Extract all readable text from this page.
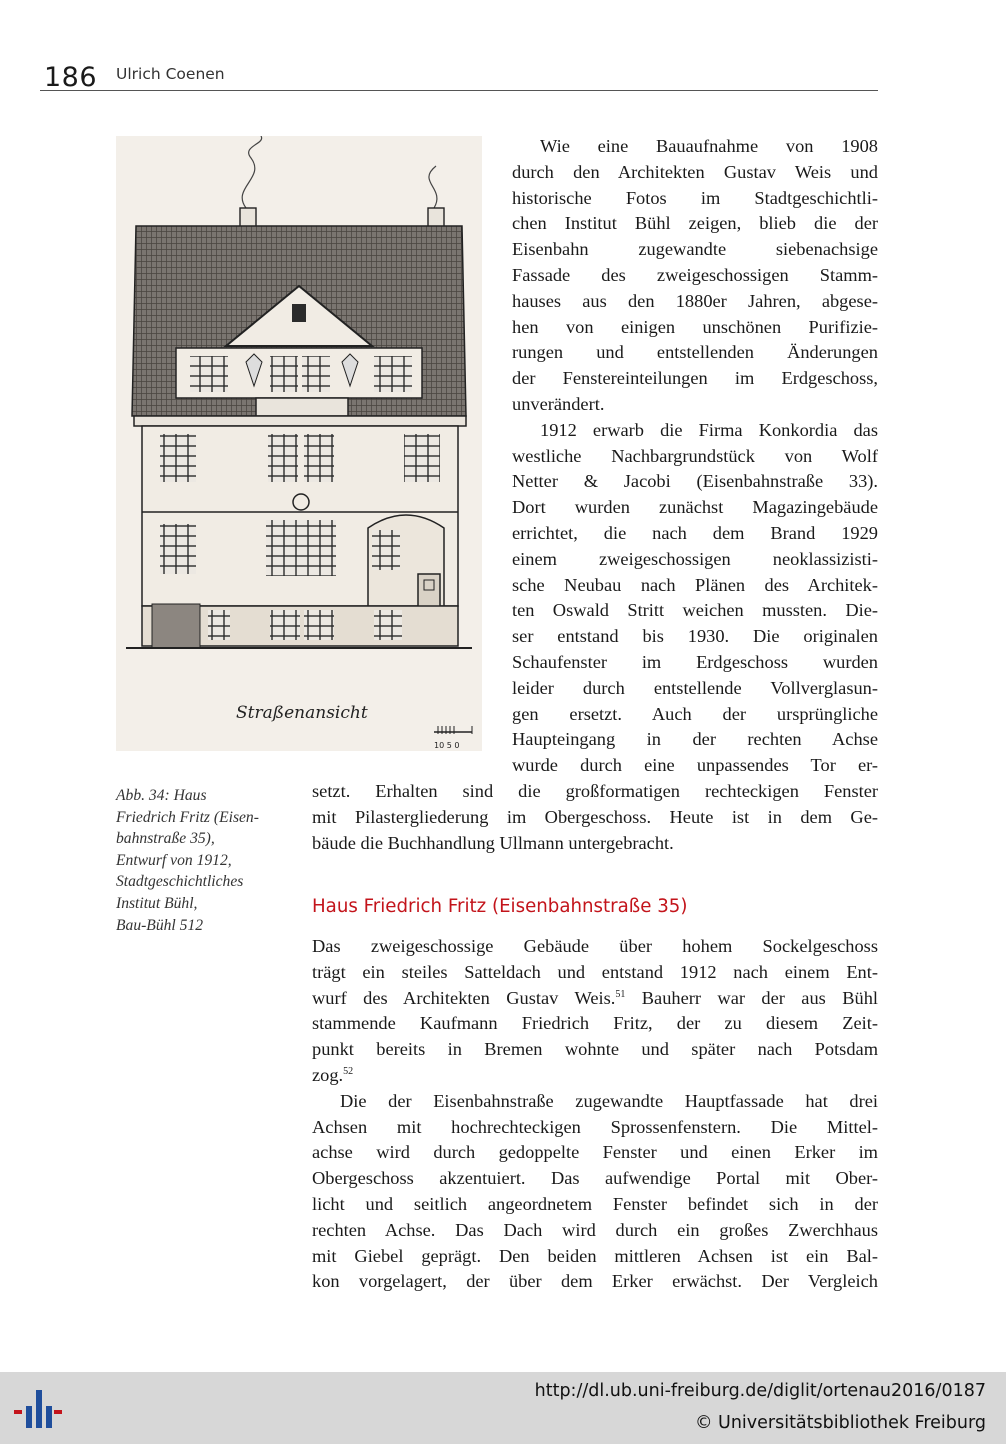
186 Ulrich Coenen
Straßenansicht
10 5 0
Abb. 34: Haus
Friedrich Fritz (Eisen-
bahnstraße 35),
Entwurf von 1912,
Stadtgeschichtliches
Institut Bühl,
Bau-Bühl 512
Wie eine Bauaufnahme von 1908
durch den Architekten Gustav Weis und
historische Fotos im Stadtgeschichtli-
chen Institut Bühl zeigen, blieb die der
Eisenbahn zugewandte siebenachsige
Fassade des zweigeschossigen Stamm-
hauses aus den 1880er Jahren, abgese-
hen von einigen unschönen Purifizie-
rungen und entstellenden Änderungen
der Fenstereinteilungen im Erdgeschoss,
unverändert.
1912 erwarb die Firma Konkordia das
westliche Nachbargrundstück von Wolf
Netter & Jacobi (Eisenbahnstraße 33).
Dort wurden zunächst Magazingebäude
errichtet, die nach dem Brand 1929
einem zweigeschossigen neoklassizisti-
sche Neubau nach Plänen des Architek-
ten Oswald Stritt weichen mussten. Die-
ser entstand bis 1930. Die originalen
Schaufenster im Erdgeschoss wurden
leider durch entstellende Vollverglasun-
gen ersetzt. Auch der ursprüngliche
Haupteingang in der rechten Achse
wurde durch eine unpassendes Tor er-
setzt. Erhalten sind die großformatigen rechteckigen Fenster
mit Pilastergliederung im Obergeschoss. Heute ist in dem Ge-
bäude die Buchhandlung Ullmann untergebracht.
Haus Friedrich Fritz (Eisenbahnstraße 35)
Das zweigeschossige Gebäude über hohem Sockelgeschoss
trägt ein steiles Satteldach und entstand 1912 nach einem Ent-
wurf des Architekten Gustav Weis.$^{51}$ Bauherr war der aus Bühl
stammende Kaufmann Friedrich Fritz, der zu diesem Zeit-
punkt bereits in Bremen wohnte und später nach Potsdam
zog.$^{52}$
Die der Eisenbahnstraße zugewandte Hauptfassade hat drei
Achsen mit hochrechteckigen Sprossenfenstern. Die Mittel-
achse wird durch gedoppelte Fenster und einen Erker im
Obergeschoss akzentuiert. Das aufwendige Portal mit Ober-
licht und seitlich angeordnetem Fenster befindet sich in der
rechten Achse. Das Dach wird durch ein großes Zwerchhaus
mit Giebel geprägt. Den beiden mittleren Achsen ist ein Bal-
kon vorgelagert, der über dem Erker erwächst. Der Vergleich
http://dl.ub.uni-freiburg.de/diglit/ortenau2016/0187
© Universitätsbibliothek Freiburg
